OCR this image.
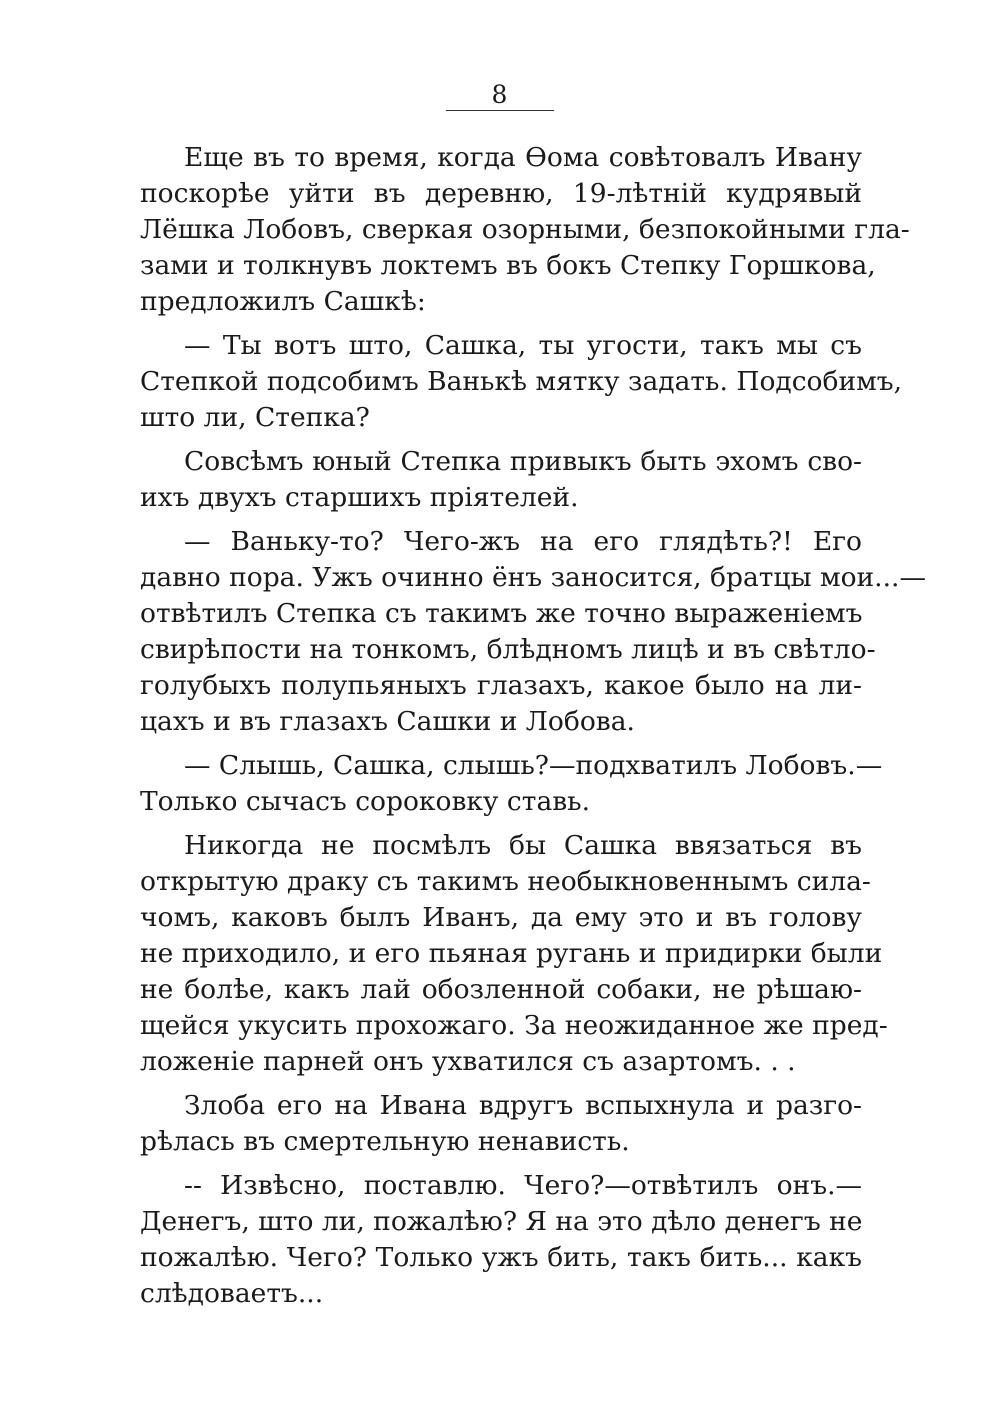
8

Еще въ то время, когда Ѳома совѣтовалъ Ивану
поскорѣе уйти въ деревню, 19-лѣтній кудрявый
Лёшка Лобовъ, сверкая озорными, безпокойными гла-
зами и толкнувъ локтемъ въ бокъ Степку Горшкова,
предложилъ Сашкѣ:

— Ты вотъ што, Сашка, ты угости, такъ мы съ
Степкой подсобимъ Ванькѣ мятку задать. Подсобимъ,
што ли, Степка?

Совсѣмъ юный Степка привыкъ быть эхомъ сво-
ихъ двухъ старшихъ пріятелей.

— Ваньку-то? Чего-жъ на его глядѣть?! Его
давно пора. Ужъ очинно ёнъ заносится, братцы мои...—
отвѣтилъ Степка съ такимъ же точно выраженіемъ
свирѣпости на тонкомъ, блѣдномъ лицѣ и въ свѣтло-
голубыхъ полупьяныхъ глазахъ, какое было на ли-
цахъ и въ глазахъ Сашки и Лобова.

— Слышь, Сашка, слышь?—подхватилъ Лобовъ.—
Только сычасъ сороковку ставь.

Никогда не посмѣлъ бы Сашка ввязаться въ
открытую драку съ такимъ необыкновеннымъ сила-
чомъ, каковъ былъ Иванъ, да ему это и въ голову
не приходило, и его пьяная ругань и придирки были
не болѣе, какъ лай обозленной собаки, не рѣшаю-
щейся укусить прохожаго. За неожиданное же пред-
ложеніе парней онъ ухватился съ азартомъ. . .

Злоба его на Ивана вдругъ вспыхнула и разго-
рѣлась въ смертельную ненависть.

-- Извѣсно, поставлю. Чего?—отвѣтилъ онъ.—
Денегъ, што ли, пожалѣю? Я на это дѣло денегъ не
пожалѣю. Чего? Только ужъ бить, такъ бить... какъ
слѣдоваетъ...
